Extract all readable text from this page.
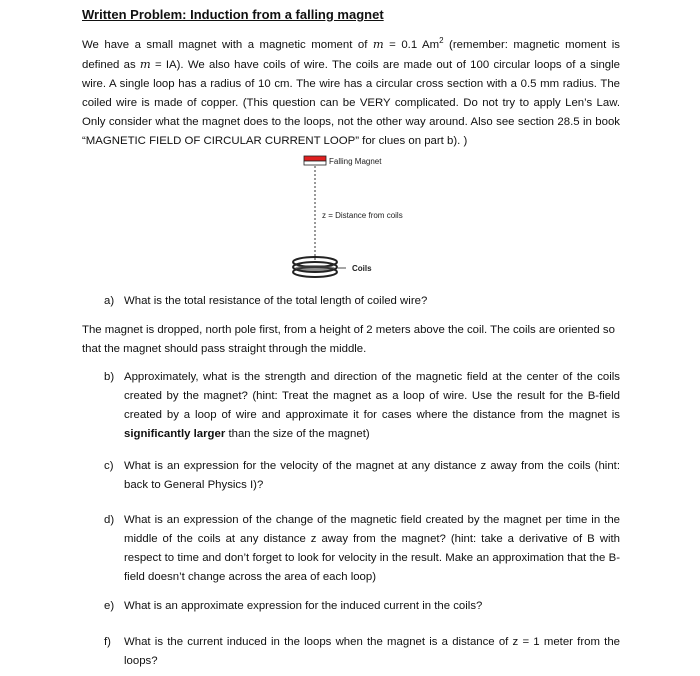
Written Problem: Induction from a falling magnet
We have a small magnet with a magnetic moment of m = 0.1 Am$^2$ (remember: magnetic moment is defined as m = IA). We also have coils of wire. The coils are made out of 100 circular loops of a single wire. A single loop has a radius of 10 cm. The wire has a circular cross section with a 0.5 mm radius. The coiled wire is made of copper. (This question can be VERY complicated. Do not try to apply Len’s Law. Only consider what the magnet does to the loops, not the other way around. Also see section 28.5 in book “MAGNETIC FIELD OF CIRCULAR CURRENT LOOP” for clues on part b). )
Falling Magnet
z = Distance from coils
Coils
a) What is the total resistance of the total length of coiled wire?
The magnet is dropped, north pole first, from a height of 2 meters above the coil. The coils are oriented so that the magnet should pass straight through the middle.
b) Approximately, what is the strength and direction of the magnetic field at the center of the coils created by the magnet? (hint: Treat the magnet as a loop of wire. Use the result for the B-field created by a loop of wire and approximate it for cases where the distance from the magnet is significantly larger than the size of the magnet)
c) What is an expression for the velocity of the magnet at any distance z away from the coils (hint: back to General Physics I)?
d) What is an expression of the change of the magnetic field created by the magnet per time in the middle of the coils at any distance z away from the magnet? (hint: take a derivative of B with respect to time and don’t forget to look for velocity in the result. Make an approximation that the B-field doesn’t change across the area of each loop)
e) What is an approximate expression for the induced current in the coils?
f)	What is the current induced in the loops when the magnet is a distance of z = 1 meter from the loops?
